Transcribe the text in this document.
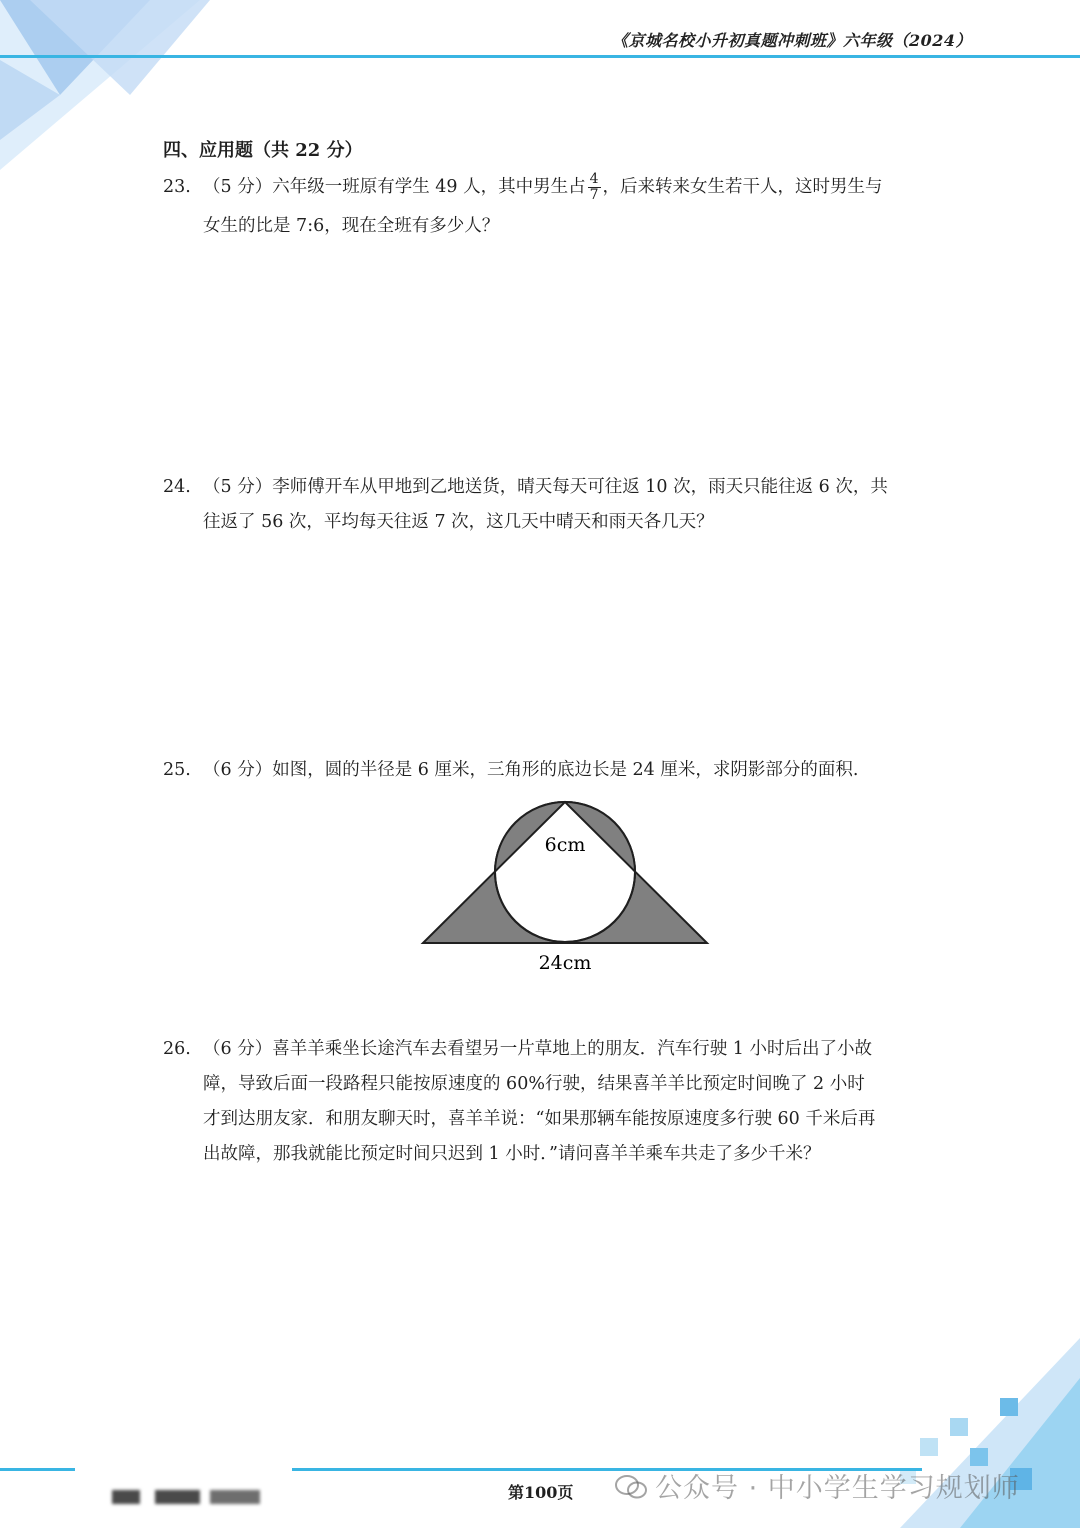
《京城名校小升初真题冲刺班》六年级（2024）
四、应用题（共 22 分）
23. （5 分）六年级一班原有学生 49 人，其中男生占 $\frac{4}{7}$ ，后来转来女生若干人，这时男生与
女生的比是 7:6，现在全班有多少人？
24. （5 分）李师傅开车从甲地到乙地送货，晴天每天可往返 10 次，雨天只能往返 6 次，共
往返了 56 次，平均每天往返 7 次，这几天中晴天和雨天各几天？
25. （6 分）如图，圆的半径是 6 厘米，三角形的底边长是 24 厘米，求阴影部分的面积.
6cm
24cm
26. （6 分）喜羊羊乘坐长途汽车去看望另一片草地上的朋友．汽车行驶 1 小时后出了小故
障，导致后面一段路程只能按原速度的 60%行驶，结果喜羊羊比预定时间晚了 2 小时
才到达朋友家．和朋友聊天时，喜羊羊说：“如果那辆车能按原速度多行驶 60 千米后再
出故障，那我就能比预定时间只迟到 1 小时．”请问喜羊羊乘车共走了多少千米？
第100页	公众号 · 中小学生学习规划师
